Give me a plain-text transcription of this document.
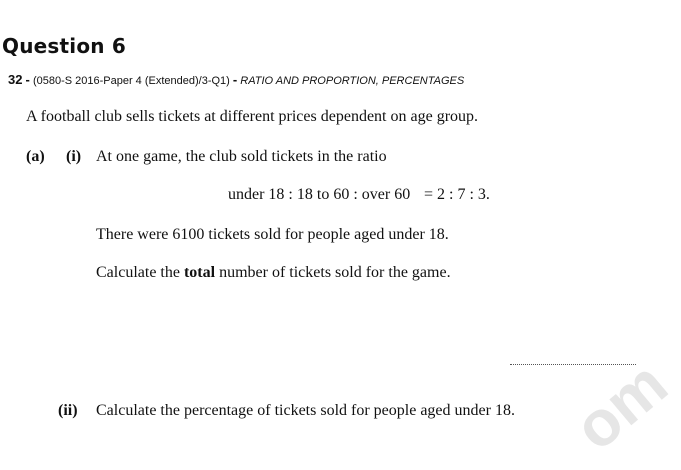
Question 6
32 - (0580-S 2016-Paper 4 (Extended)/3-Q1) - RATIO AND PROPORTION, PERCENTAGES
A football club sells tickets at different prices dependent on age group.
(a) (i) At one game, the club sold tickets in the ratio
under 18 : 18 to 60 : over 60 = 2 : 7 : 3.
There were 6100 tickets sold for people aged under 18.
Calculate the total number of tickets sold for the game.
(ii) Calculate the percentage of tickets sold for people aged under 18. om
